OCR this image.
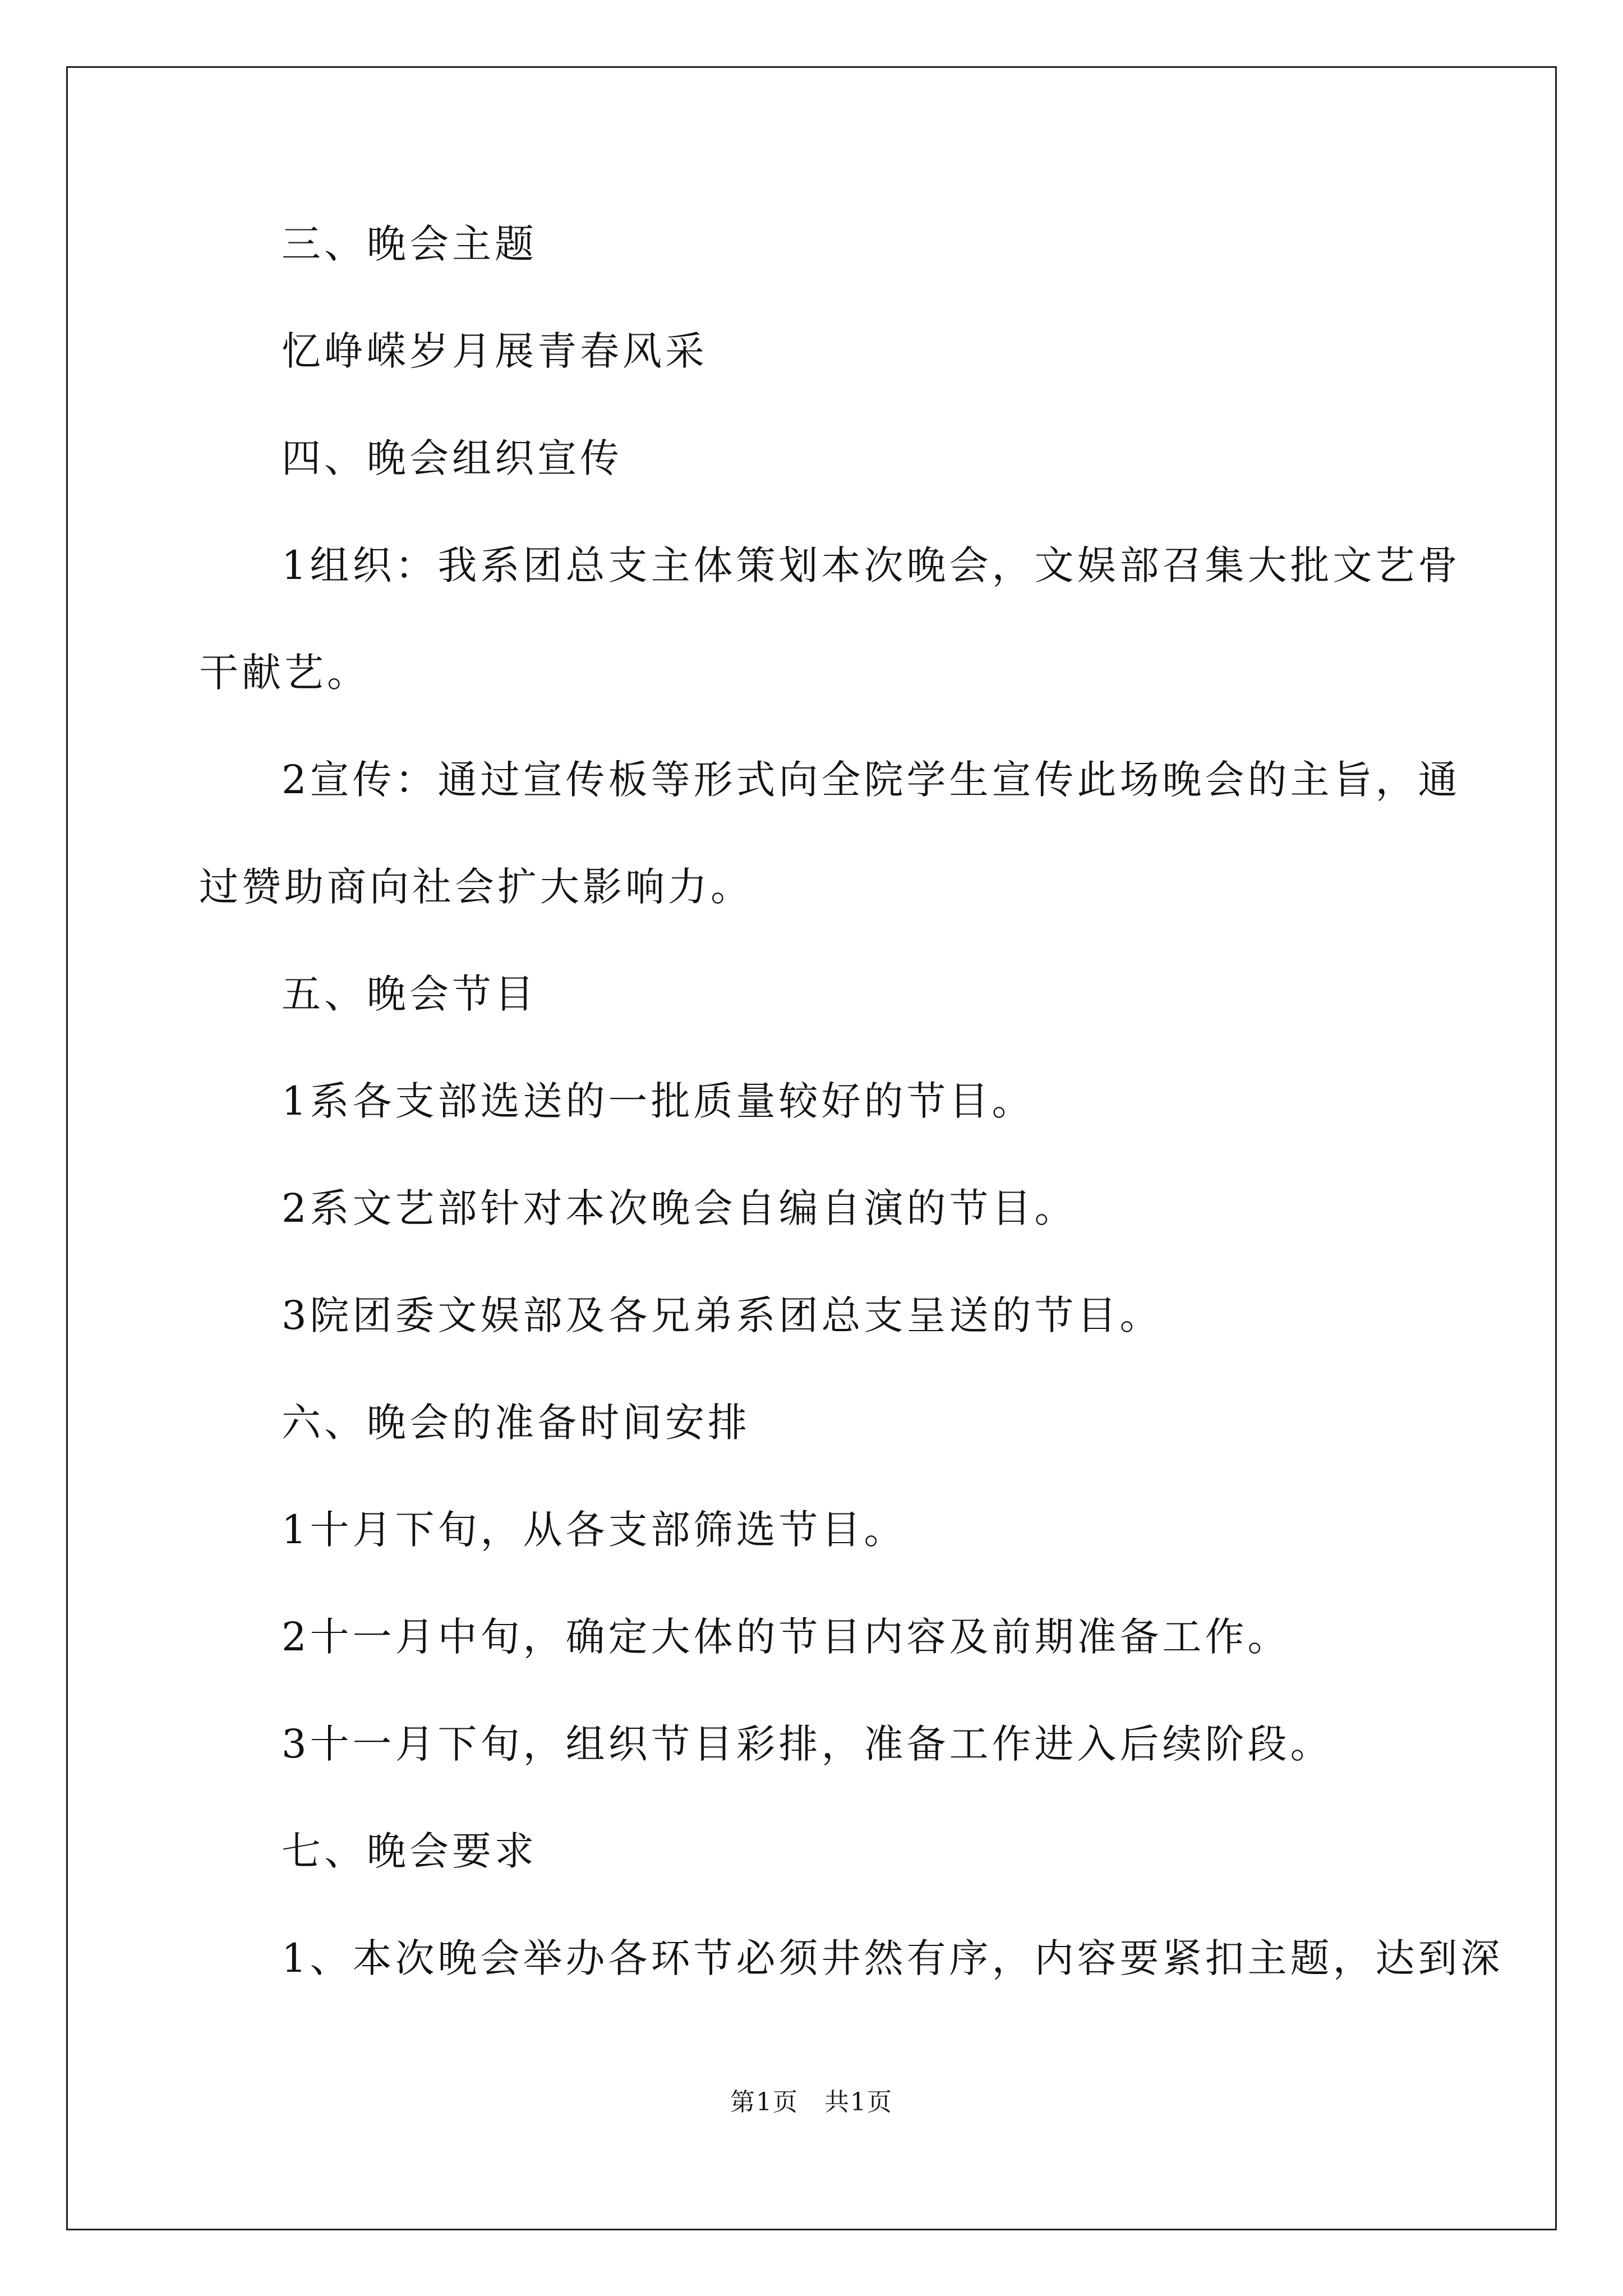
三、晚会主题
忆峥嵘岁月展青春风采
四、晚会组织宣传
1组织：我系团总支主体策划本次晚会，文娱部召集大批文艺骨
干献艺。
2宣传：通过宣传板等形式向全院学生宣传此场晚会的主旨，通
过赞助商向社会扩大影响力。
五、晚会节目
1系各支部选送的一批质量较好的节目。
2系文艺部针对本次晚会自编自演的节目。
3院团委文娱部及各兄弟系团总支呈送的节目。
六、晚会的准备时间安排
1十月下旬，从各支部筛选节目。
2十一月中旬，确定大体的节目内容及前期准备工作。
3十一月下旬，组织节目彩排，准备工作进入后续阶段。
七、晚会要求
1、本次晚会举办各环节必须井然有序，内容要紧扣主题，达到深
第1页 共1页
